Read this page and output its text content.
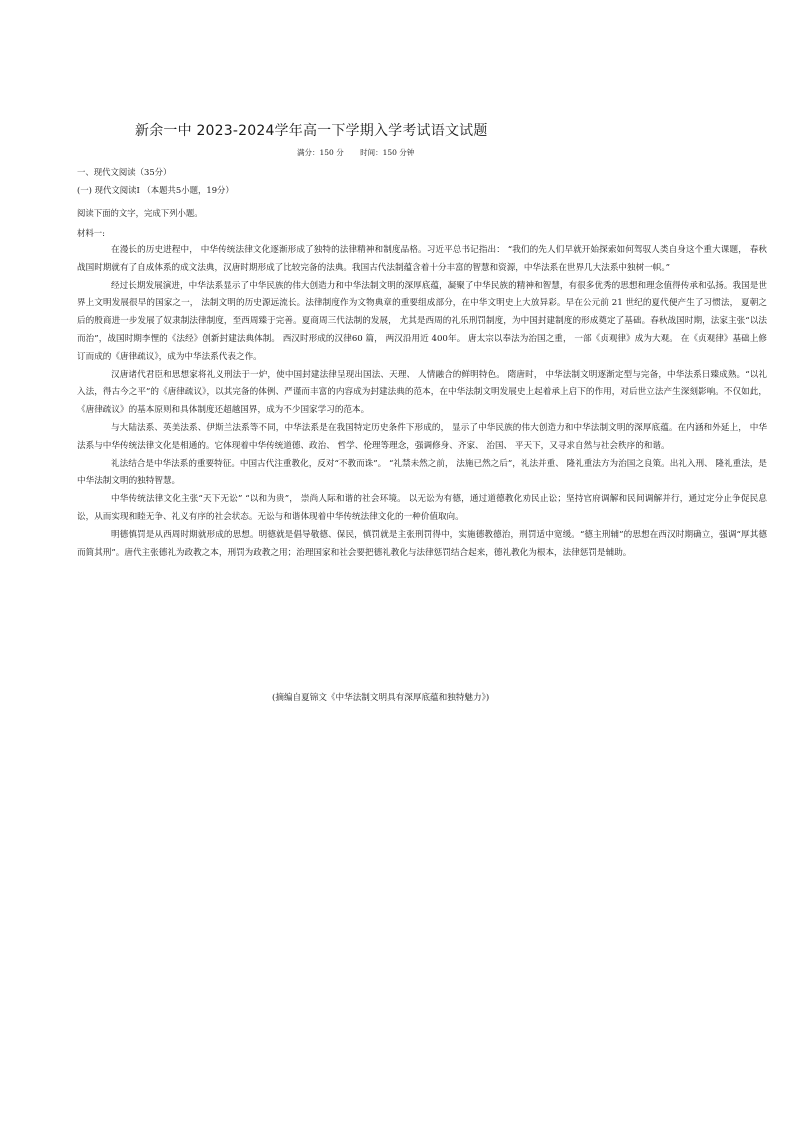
新余一中 2023-2024学年高一下学期入学考试语文试题
满分：150 分 时间：150 分钟
一、现代文阅读（35分）
(一) 现代文阅读Ⅰ （本题共5小题，19分）
阅读下面的文字，完成下列小题。
材料一:

在漫长的历史进程中， 中华传统法律文化逐渐形成了独特的法律精神和制度品格。习近平总书记指出： “我们的先人们早就开始探索如何驾驭人类自身这个重大课题， 春秋战国时期就有了自成体系的成文法典，汉唐时期形成了比较完备的法典。我国古代法制蕴含着十分丰富的智慧和资源，中华法系在世界几大法系中独树一帜。”

经过长期发展演进，中华法系显示了中华民族的伟大创造力和中华法制文明的深厚底蕴，凝聚了中华民族的精神和智慧，有很多优秀的思想和理念值得传承和弘扬。我国是世界上文明发展很早的国家之一， 法制文明的历史源远流长。法律制度作为文物典章的重要组成部分，在中华文明史上大放异彩。早在公元前 21 世纪的夏代便产生了习惯法， 夏朝之后的殷商进一步发展了奴隶制法律制度，至西周臻于完善。夏商周三代法制的发展， 尤其是西周的礼乐刑罚制度，为中国封建制度的形成奠定了基础。春秋战国时期，法家主张“以法而治”，战国时期李悝的《法经》创新封建法典体制。 西汉时形成的汉律60 篇， 两汉沿用近 400年。 唐太宗以奉法为治国之重， 一部《贞观律》成为大观。 在《贞观律》基础上修订而成的《唐律疏议》，成为中华法系代表之作。

汉唐诸代君臣和思想家将礼义刑法于一炉，使中国封建法律呈现出国法、天理、 人情融合的鲜明特色。 隋唐时， 中华法制文明逐渐定型与完备，中华法系日臻成熟。“以礼入法，得古今之平”的《唐律疏议》，以其完备的体例、严谨而丰富的内容成为封建法典的范本，在中华法制文明发展史上起着承上启下的作用，对后世立法产生深刻影响。不仅如此， 《唐律疏议》的基本原则和具体制度还超越国界，成为不少国家学习的范本。

与大陆法系、英美法系、伊斯兰法系等不同，中华法系是在我国特定历史条件下形成的， 显示了中华民族的伟大创造力和中华法制文明的深厚底蕴。在内涵和外延上， 中华法系与中华传统法律文化是相通的。它体现着中华传统道德、政治、 哲学、伦理等理念，强调修身、齐家、 治国、 平天下，又寻求自然与社会秩序的和谐。

礼法结合是中华法系的重要特征。中国古代注重教化，反对“不教而诛”。 “礼禁未然之前， 法施已然之后”，礼法并重、 隆礼重法方为治国之良策。出礼入刑、 隆礼重法，是中华法制文明的独特智慧。

中华传统法律文化主张“天下无讼” “以和为贵”， 崇尚人际和谐的社会环境。 以无讼为有德，通过道德教化劝民止讼；坚持官府调解和民间调解并行，通过定分止争促民息讼，从而实现和睦无争、礼义有序的社会状态。无讼与和谐体现着中华传统法律文化的一种价值取向。

明德慎罚是从西周时期就形成的思想。明德就是倡导敬德、保民，慎罚就是主张刑罚得中，实施德教德治，刑罚适中宽缓。“德主刑辅”的思想在西汉时期确立，强调“厚其德而简其刑”。唐代主张德礼为政教之本，刑罚为政教之用；治理国家和社会要把德礼教化与法律惩罚结合起来，德礼教化为根本，法律惩罚是辅助。

(摘编自夏锦文《中华法制文明具有深厚底蕴和独特魅力》)
